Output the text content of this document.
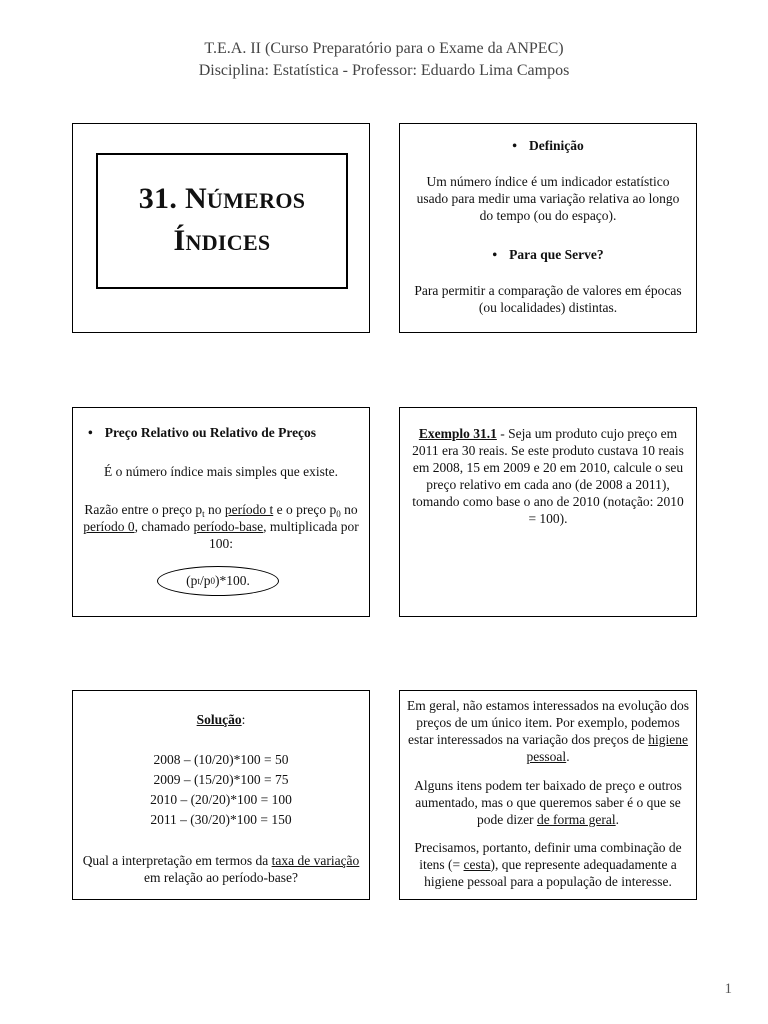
T.E.A. II (Curso Preparatório para o Exame da ANPEC)
Disciplina: Estatística - Professor: Eduardo Lima Campos
31. NÚMEROS
ÍNDICES
• Definição
Um número índice é um indicador estatístico usado para medir uma variação relativa ao longo do tempo (ou do espaço).
• Para que Serve?
Para permitir a comparação de valores em épocas (ou localidades) distintas.
• Preço Relativo ou Relativo de Preços
É o número índice mais simples que existe.
Razão entre o preço $p_t$ no período t e o preço $p_0$ no período 0, chamado período-base, multiplicada por 100:
(p t /p 0 )*100.
Exemplo 31.1 - Seja um produto cujo preço em 2011 era 30 reais. Se este produto custava 10 reais em 2008, 15 em 2009 e 20 em 2010, calcule o seu preço relativo em cada ano (de 2008 a 2011), tomando como base o ano de 2010 (notação: 2010 = 100).
Solução:
2008 – (10/20)*100 = 50
2009 – (15/20)*100 = 75
2010 – (20/20)*100 = 100
2011 – (30/20)*100 = 150
Qual a interpretação em termos da taxa de variação em relação ao período-base?
Em geral, não estamos interessados na evolução dos preços de um único item. Por exemplo, podemos estar interessados na variação dos preços de higiene pessoal.
Alguns itens podem ter baixado de preço e outros aumentado, mas o que queremos saber é o que se pode dizer de forma geral.
Precisamos, portanto, definir uma combinação de itens (= cesta), que represente adequadamente a higiene pessoal para a população de interesse.
1
